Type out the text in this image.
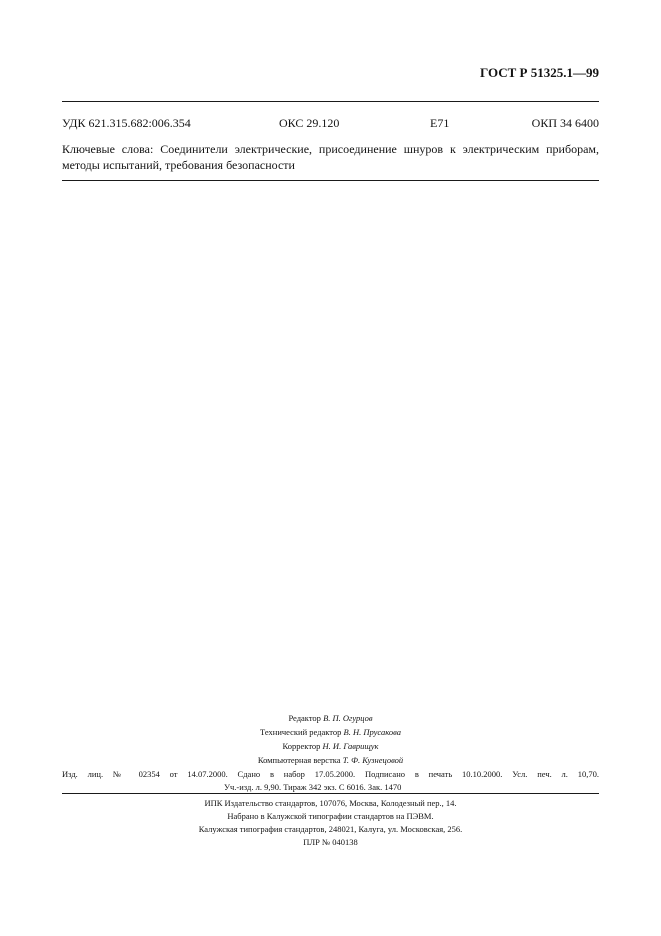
ГОСТ Р 51325.1—99
УДК 621.315.682:006.354	ОКС 29.120	Е71	ОКП 34 6400
Ключевые слова: Соединители электрические, присоединение шнуров к электрическим приборам, методы испытаний, требования безопасности
Редактор В. П. Огурцов
Технический редактор В. Н. Прусакова
Корректор Н. И. Гаврищук
Компьютерная верстка Т. Ф. Кузнецовой
Изд. лиц. № 02354 от 14.07.2000. Сдано в набор 17.05.2000. Подписано в печать 10.10.2000. Усл. печ. л. 10,70.
Уч.-изд. л. 9,90. Тираж 342 экз. С 6016. Зак. 1470
ИПК Издательство стандартов, 107076, Москва, Колодезный пер., 14.
Набрано в Калужской типографии стандартов на ПЭВМ.
Калужская типография стандартов, 248021, Калуга, ул. Московская, 256.
ПЛР № 040138
